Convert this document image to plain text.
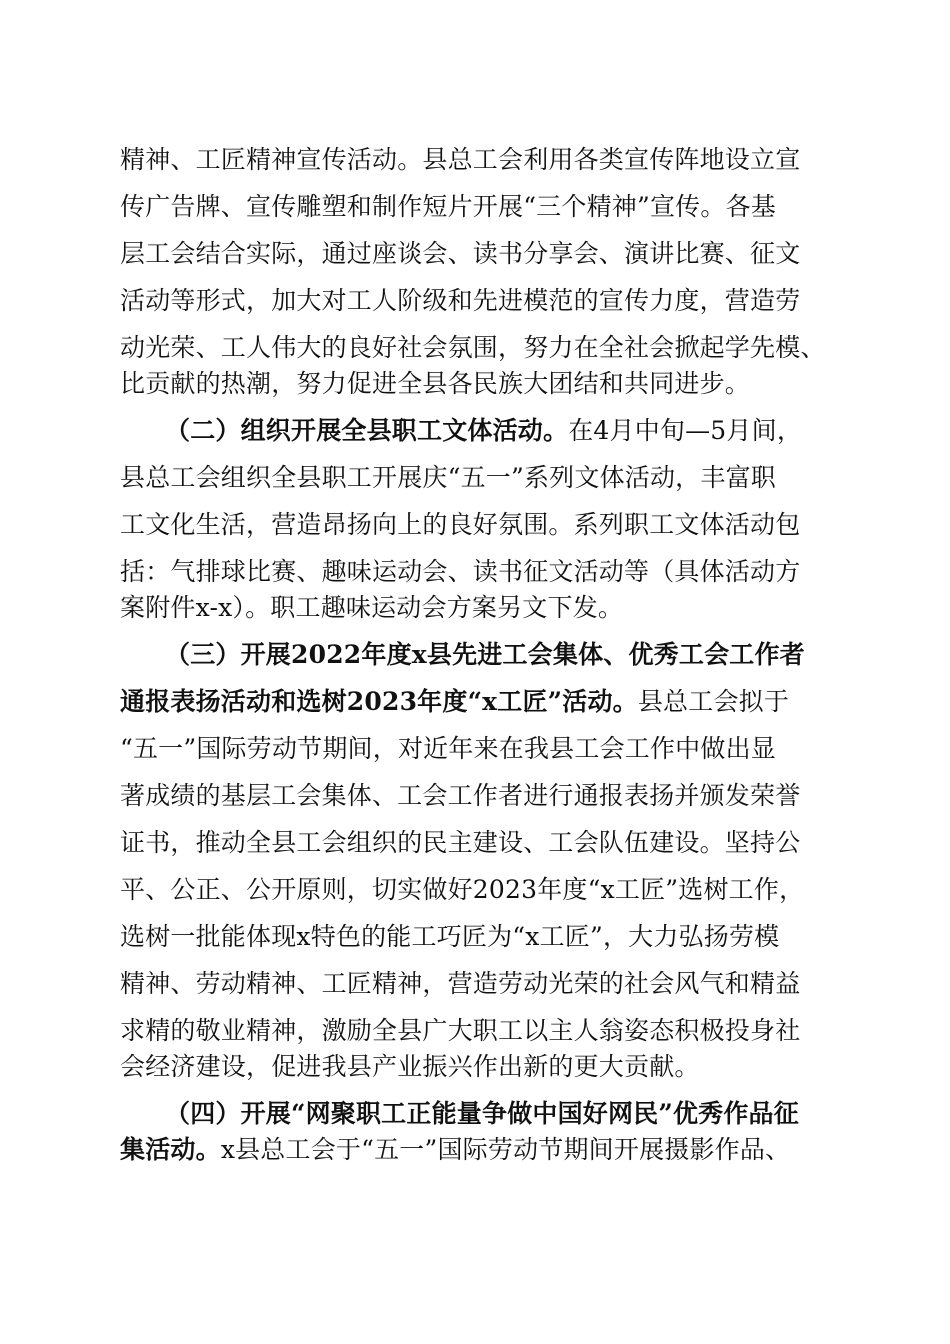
精神、工匠精神宣传活动。县总工会利用各类宣传阵地设立宣

传广告牌、宣传雕塑和制作短片开展“三个精神”宣传。各基

层工会结合实际，通过座谈会、读书分享会、演讲比赛、征文

活动等形式，加大对工人阶级和先进模范的宣传力度，营造劳

动光荣、工人伟大的良好社会氛围，努力在全社会掀起学先模、

比贡献的热潮，努力促进全县各民族大团结和共同进步。

（二）组织开展全县职工文体活动。在4月中旬—5月间，

县总工会组织全县职工开展庆“五一”系列文体活动，丰富职

工文化生活，营造昂扬向上的良好氛围。系列职工文体活动包

括：气排球比赛、趣味运动会、读书征文活动等（具体活动方

案附件x-x）。职工趣味运动会方案另文下发。

（三）开展2022年度x县先进工会集体、优秀工会工作者

通报表扬活动和选树2023年度“x工匠”活动。县总工会拟于

“五一”国际劳动节期间，对近年来在我县工会工作中做出显

著成绩的基层工会集体、工会工作者进行通报表扬并颁发荣誉

证书，推动全县工会组织的民主建设、工会队伍建设。坚持公

平、公正、公开原则，切实做好2023年度“x工匠”选树工作，

选树一批能体现x特色的能工巧匠为“x工匠”，大力弘扬劳模

精神、劳动精神、工匠精神，营造劳动光荣的社会风气和精益

求精的敬业精神，激励全县广大职工以主人翁姿态积极投身社

会经济建设，促进我县产业振兴作出新的更大贡献。

（四）开展“网聚职工正能量争做中国好网民”优秀作品征

集活动。x县总工会于“五一”国际劳动节期间开展摄影作品、
